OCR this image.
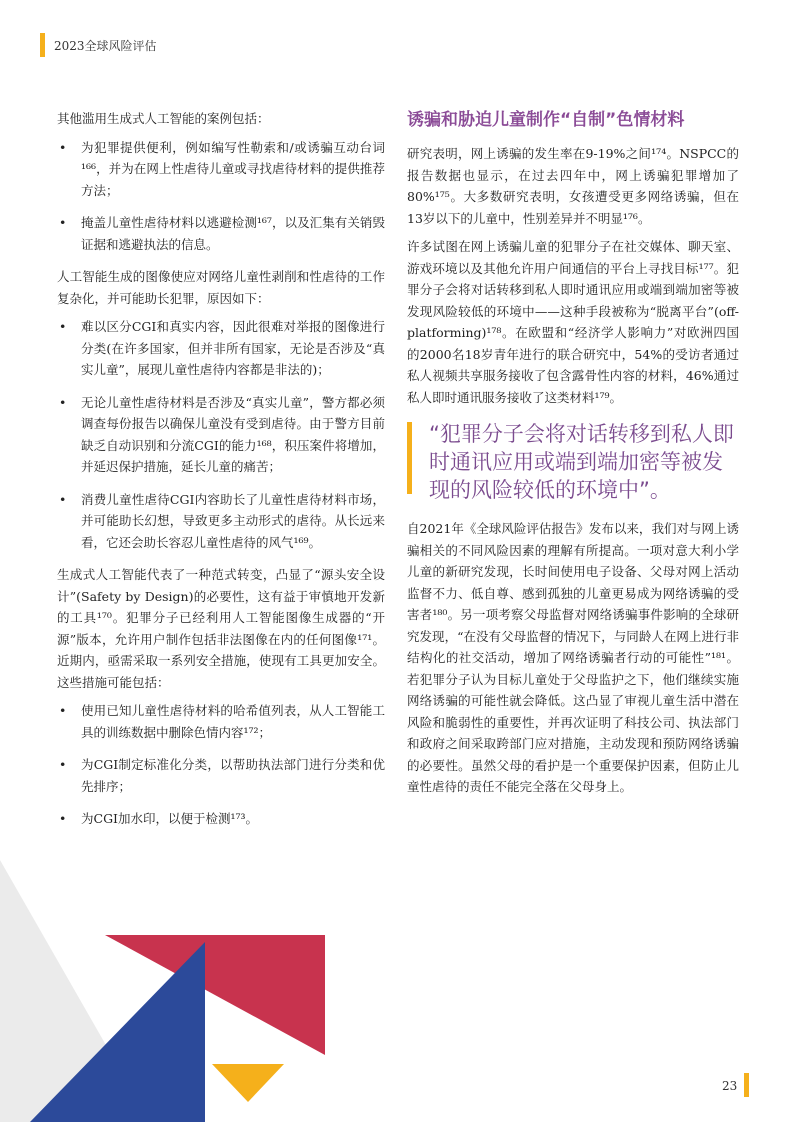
2023全球风险评估

其他滥用生成式人工智能的案例包括：

• 为犯罪提供便利，例如编写性勒索和/或诱骗互动台词¹⁶⁶，并为在网上性虐待儿童或寻找虐待材料的提供推荐方法；
• 掩盖儿童性虐待材料以逃避检测¹⁶⁷，以及汇集有关销毁证据和逃避执法的信息。

人工智能生成的图像使应对网络儿童性剥削和性虐待的工作复杂化，并可能助长犯罪，原因如下：

• 难以区分CGI和真实内容，因此很难对举报的图像进行分类(在许多国家，但并非所有国家，无论是否涉及“真实儿童”，展现儿童性虐待内容都是非法的)；
• 无论儿童性虐待材料是否涉及“真实儿童”，警方都必须调查每份报告以确保儿童没有受到虐待。由于警方目前缺乏自动识别和分流CGI的能力¹⁶⁸，积压案件将增加，并延迟保护措施，延长儿童的痛苦；
• 消费儿童性虐待CGI内容助长了儿童性虐待材料市场，并可能助长幻想，导致更多主动形式的虐待。从长远来看，它还会助长容忍儿童性虐待的风气¹⁶⁹。

生成式人工智能代表了一种范式转变，凸显了“源头安全设计”(Safety by Design)的必要性，这有益于审慎地开发新的工具¹⁷⁰。犯罪分子已经利用人工智能图像生成器的“开源”版本，允许用户制作包括非法图像在内的任何图像¹⁷¹。近期内，亟需采取一系列安全措施，使现有工具更加安全。这些措施可能包括：

• 使用已知儿童性虐待材料的哈希值列表，从人工智能工具的训练数据中删除色情内容¹⁷²；
• 为CGI制定标准化分类，以帮助执法部门进行分类和优先排序；
• 为CGI加水印，以便于检测¹⁷³。
诱骗和胁迫儿童制作“自制”色情材料

研究表明，网上诱骗的发生率在9-19%之间¹⁷⁴。NSPCC的报告数据也显示，在过去四年中，网上诱骗犯罪增加了80%¹⁷⁵。大多数研究表明，女孩遭受更多网络诱骗，但在13岁以下的儿童中，性别差异并不明显¹⁷⁶。

许多试图在网上诱骗儿童的犯罪分子在社交媒体、聊天室、游戏环境以及其他允许用户间通信的平台上寻找目标¹⁷⁷。犯罪分子会将对话转移到私人即时通讯应用或端到端加密等被发现风险较低的环境中——这种手段被称为“脱离平台”(off-platforming)¹⁷⁸。在欧盟和“经济学人影响力”对欧洲四国的2000名18岁青年进行的联合研究中，54%的受访者通过私人视频共享服务接收了包含露骨性内容的材料，46%通过私人即时通讯服务接收了这类材料¹⁷⁹。

“犯罪分子会将对话转移到私人即时通讯应用或端到端加密等被发现的风险较低的环境中”。

自2021年《全球风险评估报告》发布以来，我们对与网上诱骗相关的不同风险因素的理解有所提高。一项对意大利小学儿童的新研究发现，长时间使用电子设备、父母对网上活动监督不力、低自尊、感到孤独的儿童更易成为网络诱骗的受害者¹⁸⁰。另一项考察父母监督对网络诱骗事件影响的全球研究发现，“在没有父母监督的情况下，与同龄人在网上进行非结构化的社交活动，增加了网络诱骗者行动的可能性”¹⁸¹。若犯罪分子认为目标儿童处于父母监护之下，他们继续实施网络诱骗的可能性就会降低。这凸显了审视儿童生活中潜在风险和脆弱性的重要性，并再次证明了科技公司、执法部门和政府之间采取跨部门应对措施，主动发现和预防网络诱骗的必要性。虽然父母的看护是一个重要保护因素，但防止儿童性虐待的责任不能完全落在父母身上。

23
